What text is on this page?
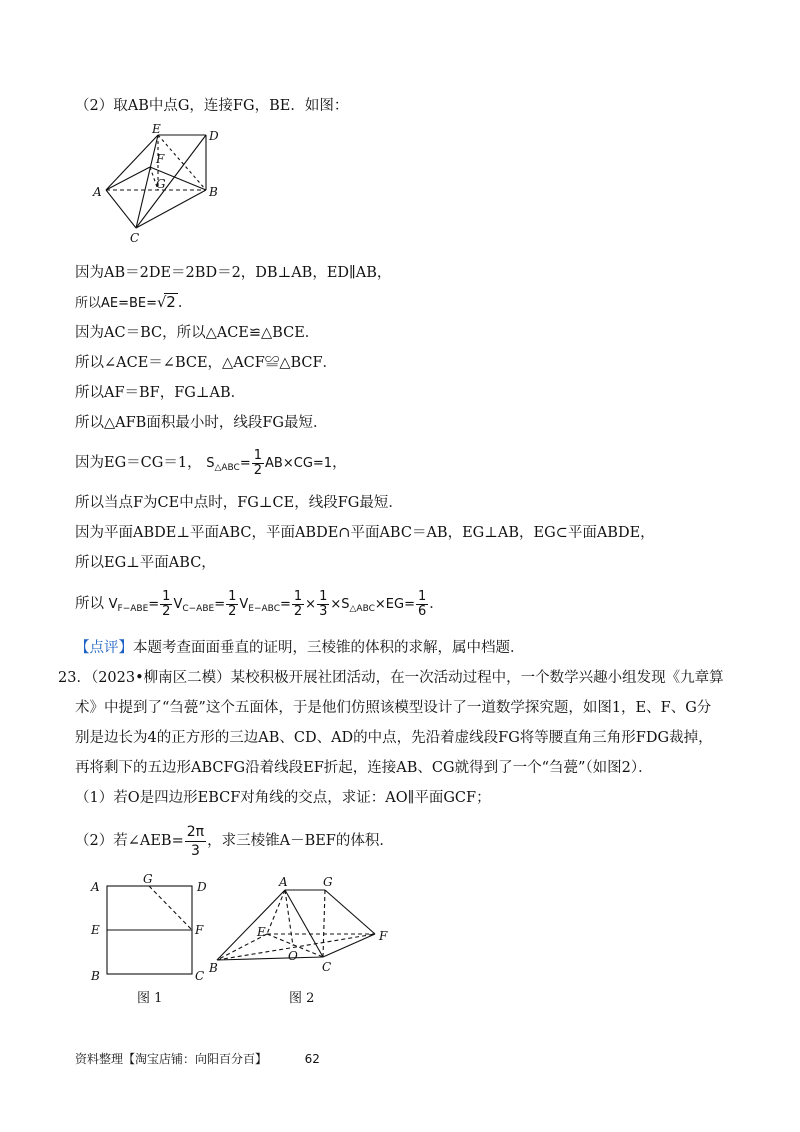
（2）取AB中点G，连接FG，BE．如图：
E	D
F
A
G
B
C
因为AB＝2DE＝2BD＝2，DB⊥AB，ED∥AB，
所以AE=BE=√2 ．
因为AC＝BC，所以△ACE≌△BCE．
所以∠ACE＝∠BCE，△ACF≌△BCF．
所以AF＝BF，FG⊥AB．
所以△AFB面积最小时，线段FG最短．
因为EG＝CG＝1， $S_{\triangle ABC}= \frac{1}{2} AB\times CG=1$，
所以当点F为CE中点时，FG⊥CE，线段FG最短．
因为平面ABDE⊥平面ABC，平面ABDE∩平面ABC＝AB，EG⊥AB，EG⊂平面ABDE，
所以EG⊥平面ABC，
所以 $V_{F-ABE}= \frac{1}{2} V_{C-ABE}= \frac{1}{2} V_{E-ABC}= \frac{1}{2} \times \frac{1}{3} \times S_{\triangle ABC}\times EG= \frac{1}{6}$ ．
【点评】本题考查面面垂直的证明，三棱锥的体积的求解，属中档题．
23．（2023•柳南区二模）某校积极开展社团活动，在一次活动过程中，一个数学兴趣小组发现《九章算
术》中提到了“刍甍”这个五面体，于是他们仿照该模型设计了一道数学探究题，如图1，E、F、G分
别是边长为4的正方形的三边AB、CD、AD的中点，先沿着虚线段FG将等腰直角三角形FDG裁掉，
再将剩下的五边形ABCFG沿着线段EF折起，连接AB、CG就得到了一个“刍甍”（如图2）．
（1）若O是四边形EBCF对角线的交点，求证：AO∥平面GCF；
（2）若∠AEB= $\frac{2\pi}{3}$ ，求三棱锥A－BEF的体积．
A
G
D
E	F
B	C
图 1
A	G
E	F
O
B	C
图 2
资料整理【淘宝店铺：向阳百分百】	62
